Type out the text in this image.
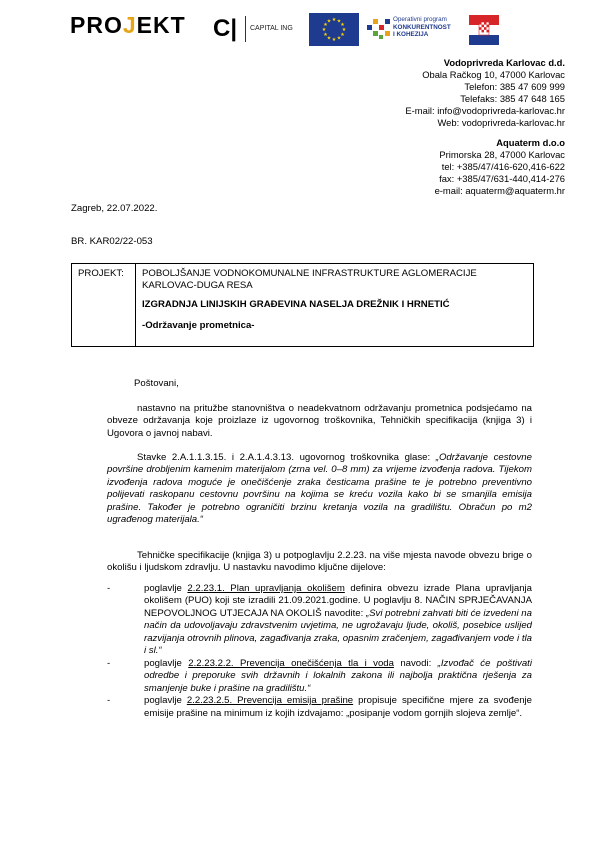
PROJEKT C|	CAPITAL ING
★ ★
★
★
★
★
★
★
★
★
★
★	Operativni program
KONKURENTNOST
I KOHEZIJA
Vodoprivreda Karlovac d.d.
Obala Račkog 10, 47000 Karlovac
Telefon: 385 47 609 999
Telefaks: 385 47 648 165
E-mail: info@vodoprivreda-karlovac.hr
Web: vodoprivreda-karlovac.hr
Aquaterm d.o.o
Primorska 28, 47000 Karlovac
tel: +385/47/416-620,416-622
fax: +385/47/631-440,414-276
e-mail: aquaterm@aquaterm.hr
Zagreb, 22.07.2022.
BR. KAR02/22-053
PROJEKT: POBOLJŠANJE VODNOKOMUNALNE INFRASTRUKTURE AGLOMERACIJE KARLOVAC-DUGA RESA

IZGRADNJA LINIJSKIH GRAĐEVINA NASELJA DREŽNIK I HRNETIĆ

-Održavanje prometnica-

Poštovani,

nastavno na pritužbe stanovništva o neadekvatnom održavanju prometnica podsjećamo na obveze održavanja koje proizlaze iz ugovornog troškovnika, Tehničkih specifikacija (knjiga 3) i Ugovora o javnoj nabavi.

Stavke 2.A.1.1.3.15. i 2.A.1.4.3.13. ugovornog troškovnika glase: „Održavanje cestovne površine drobljenim kamenim materijalom (zrna vel. 0–8 mm) za vrijeme izvođenja radova. Tijekom izvođenja radova moguće je onečišćenje zraka česticama prašine te je potrebno preventivno polijevati raskopanu cestovnu površinu na kojima se kreću vozila kako bi se smanjila emisija prašine. Također je potrebno ograničiti brzinu kretanja vozila na gradilištu. Obračun po m2 ugrađenog materijala.“

Tehničke specifikacije (knjiga 3) u potpoglavlju 2.2.23. na više mjesta navode obvezu brige o okolišu i ljudskom zdravlju. U nastavku navodimo ključne dijelove:

-	poglavlje 2.2.23.1. Plan upravljanja okolišem definira obvezu izrade Plana upravljanja okolišem (PUO) koji ste izradili 21.09.2021.godine. U poglavlju 8. NAČIN SPRJEČAVANJA NEPOVOLJNOG UTJECAJA NA OKOLIŠ navodite: „Svi potrebni zahvati biti će izvedeni na način da udovoljavaju zdravstvenim uvjetima, ne ugrožavaju ljude, okoliš, posebice uslijed razvijanja otrovnih plinova, zagađivanja zraka, opasnim zračenjem, zagađivanjem vode i tla i sl.“

-	poglavlje 2.2.23.2.2. Prevencija onečišćenja tla i voda navodi: „Izvođač će poštivati odredbe i preporuke svih državnih i lokalnih zakona ili najbolja praktična rješenja za smanjenje buke i prašine na gradilištu.“

-	poglavlje 2.2.23.2.5. Prevencija emisija prašine propisuje specifične mjere za svođenje emisije prašine na minimum iz kojih izdvajamo: „posipanje vodom gornjih slojeva zemlje“.
